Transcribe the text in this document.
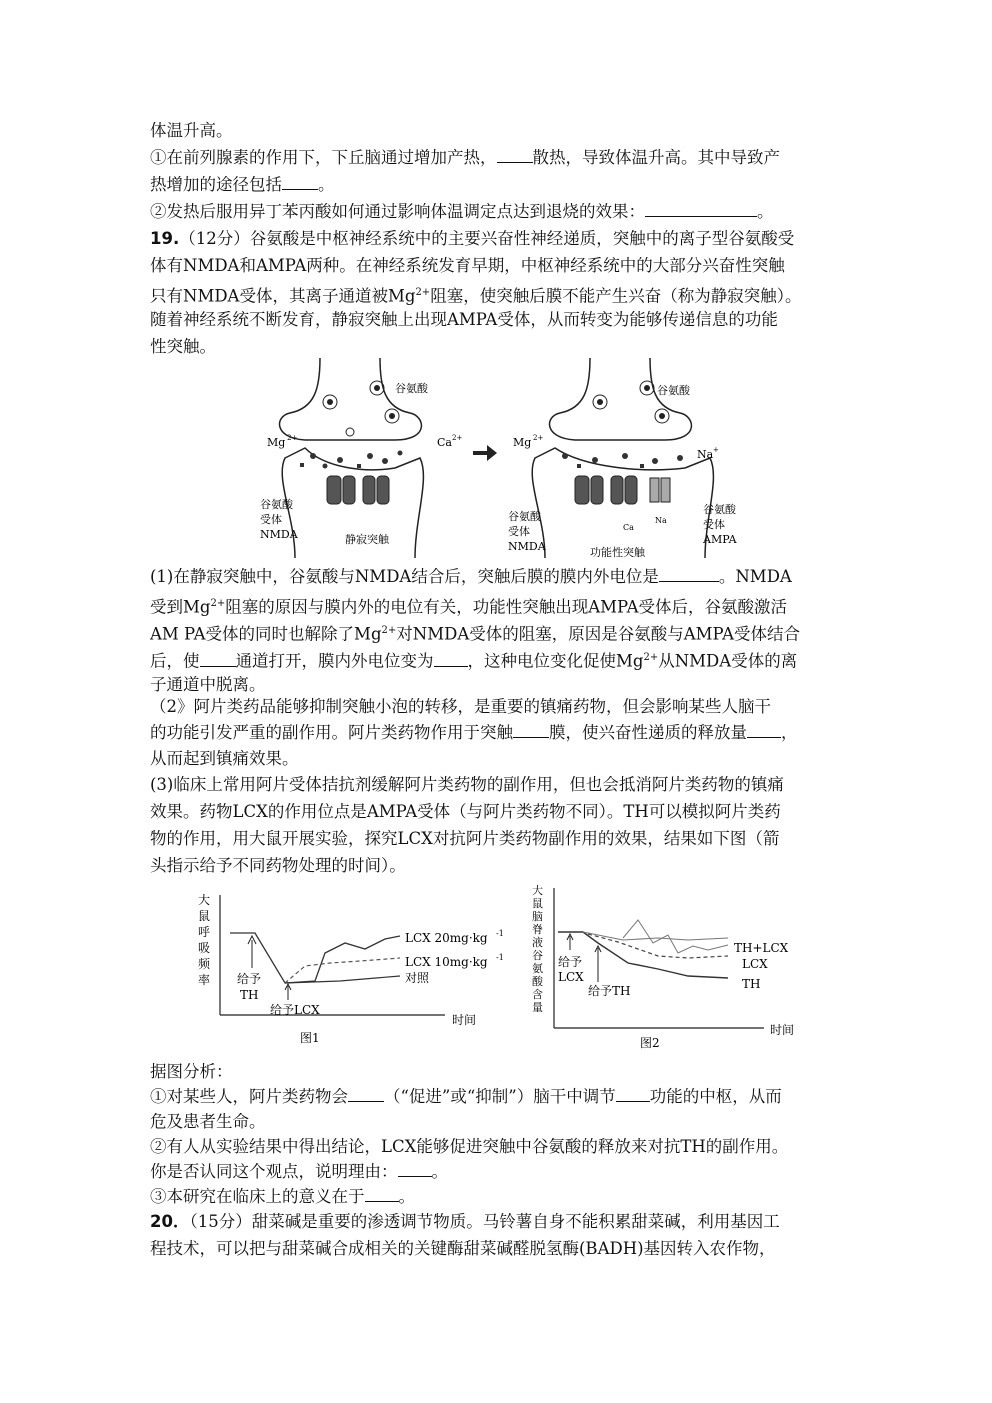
体温升高。
①在前列腺素的作用下，下丘脑通过增加产热， 散热，导致体温升高。其中导致产
热增加的途径包括 。
②发热后服用异丁苯丙酸如何通过影响体温调定点达到退烧的效果：	。
19.（12分）谷氨酸是中枢神经系统中的主要兴奋性神经递质，突触中的离子型谷氨酸受
体有NMDA和AMPA两种。在神经系统发育早期，中枢神经系统中的大部分兴奋性突触
只有NMDA受体，其离子通道被$Mg^{2+}$阻塞，使突触后膜不能产生兴奋（称为静寂突触）。
随着神经系统不断发育，静寂突触上出现AMPA受体，从而转变为能够传递信息的功能
性突触。
谷氨酸
Mg 2+	Ca 2+
谷氨酸
受体
NMDA	静寂突触
谷氨酸
Mg 2+
Na +
Ca
Na
谷氨酸
受体
NMDA
谷氨酸
受体
AMPA
功能性突触
(1)在静寂突触中，谷氨酸与NMDA结合后，突触后膜的膜内外电位是	。NMDA
受到$Mg^{2+}$阻塞的原因与膜内外的电位有关，功能性突触出现AMPA受体后，谷氨酸激活
AM PA受体的同时也解除了$Mg^{2+}$对NMDA受体的阻塞，原因是谷氨酸与AMPA受体结合
后，使 通道打开，膜内外电位变为 ，这种电位变化促使$Mg^{2+}$从NMDA受体的离
子通道中脱离。
（2》阿片类药品能够抑制突触小泡的转移，是重要的镇痛药物，但会影响某些人脑干
的功能引发严重的副作用。阿片类药物作用于突触 膜，使兴奋性递质的释放量 ，
从而起到镇痛效果。
(3)临床上常用阿片受体拮抗剂缓解阿片类药物的副作用，但也会抵消阿片类药物的镇痛
效果。药物LCX的作用位点是AMPA受体（与阿片类药物不同）。TH可以模拟阿片类药
物的作用，用大鼠开展实验，探究LCX对抗阿片类药物副作用的效果，结果如下图（箭
头指示给予不同药物处理的时间）。
大
鼠
呼
吸
频
率
时间
LCX 20mg·kg -1
LCX 10mg·kg -1
对照
给予
TH
给予LCX
图1
大
鼠
脑
脊
液
谷
氨
酸
含
量
时间
TH+LCX
LCX
TH
给予
LCX
给予TH
图2
据图分析：
①对某些人，阿片类药物会 （“促进”或“抑制”）脑干中调节 功能的中枢，从而
危及患者生命。
②有人从实验结果中得出结论，LCX能够促进突触中谷氨酸的释放来对抗TH的副作用。
你是否认同这个观点，说明理由： 。
③本研究在临床上的意义在于 。
20．（15分）甜菜碱是重要的渗透调节物质。马铃薯自身不能积累甜菜碱，利用基因工
程技术，可以把与甜菜碱合成相关的关键酶甜菜碱醛脱氢酶(BADH)基因转入农作物，
